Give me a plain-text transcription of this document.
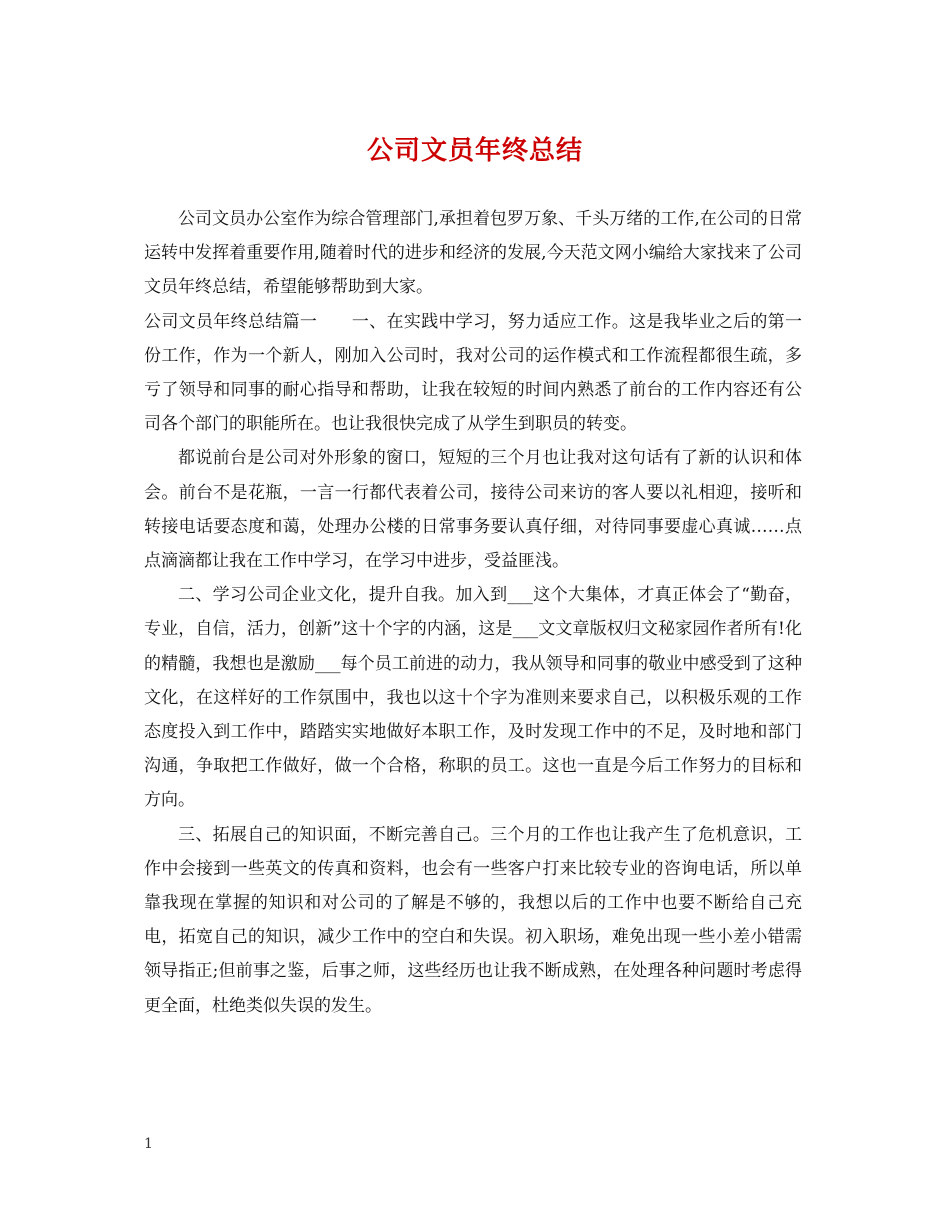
公司文员年终总结

公司文员办公室作为综合管理部门,承担着包罗万象、千头万绪的工作,在公司的日常运转中发挥着重要作用,随着时代的进步和经济的发展,今天范文网小编给大家找来了公司文员年终总结，希望能够帮助到大家。

公司文员年终总结篇一　　一、在实践中学习，努力适应工作。这是我毕业之后的第一份工作，作为一个新人，刚加入公司时，我对公司的运作模式和工作流程都很生疏，多亏了领导和同事的耐心指导和帮助，让我在较短的时间内熟悉了前台的工作内容还有公司各个部门的职能所在。也让我很快完成了从学生到职员的转变。

都说前台是公司对外形象的窗口，短短的三个月也让我对这句话有了新的认识和体会。前台不是花瓶，一言一行都代表着公司，接待公司来访的客人要以礼相迎，接听和转接电话要态度和蔼，处理办公楼的日常事务要认真仔细，对待同事要虚心真诚……点点滴滴都让我在工作中学习，在学习中进步，受益匪浅。

二、学习公司企业文化，提升自我。加入到___这个大集体，才真正体会了“勤奋，专业，自信，活力，创新”这十个字的内涵，这是___文文章版权归文秘家园作者所有!化的精髓，我想也是激励___每个员工前进的动力，我从领导和同事的敬业中感受到了这种文化，在这样好的工作氛围中，我也以这十个字为准则来要求自己，以积极乐观的工作态度投入到工作中，踏踏实实地做好本职工作，及时发现工作中的不足，及时地和部门沟通，争取把工作做好，做一个合格，称职的员工。这也一直是今后工作努力的目标和方向。

三、拓展自己的知识面，不断完善自己。三个月的工作也让我产生了危机意识，工作中会接到一些英文的传真和资料，也会有一些客户打来比较专业的咨询电话，所以单靠我现在掌握的知识和对公司的了解是不够的，我想以后的工作中也要不断给自己充电，拓宽自己的知识，减少工作中的空白和失误。初入职场，难免出现一些小差小错需领导指正;但前事之鉴，后事之师，这些经历也让我不断成熟，在处理各种问题时考虑得更全面，杜绝类似失误的发生。

1
